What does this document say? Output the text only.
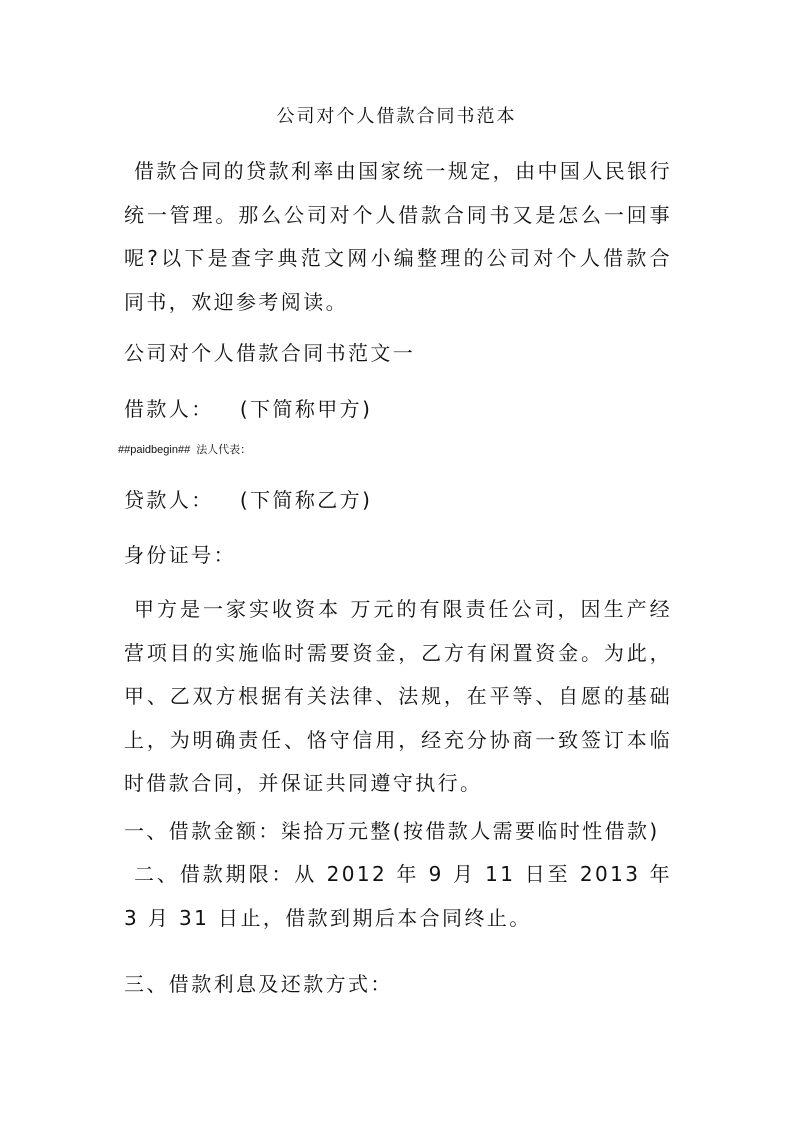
公司对个人借款合同书范本

借款合同的贷款利率由国家统一规定，由中国人民银行统一管理。那么公司对个人借款合同书又是怎么一回事呢?以下是查字典范文网小编整理的公司对个人借款合同书，欢迎参考阅读。

公司对个人借款合同书范文一
借款人：   (下简称甲方)
##paidbegin## 法人代表：
贷款人：   (下简称乙方)
身份证号：

甲方是一家实收资本 万元的有限责任公司，因生产经营项目的实施临时需要资金，乙方有闲置资金。为此，甲、乙双方根据有关法律、法规，在平等、自愿的基础上，为明确责任、恪守信用，经充分协商一致签订本临时借款合同，并保证共同遵守执行。

一、借款金额：柒拾万元整(按借款人需要临时性借款)

二、借款期限：从 2012 年 9 月 11 日至 2013 年 3 月 31 日止，借款到期后本合同终止。

三、借款利息及还款方式：
